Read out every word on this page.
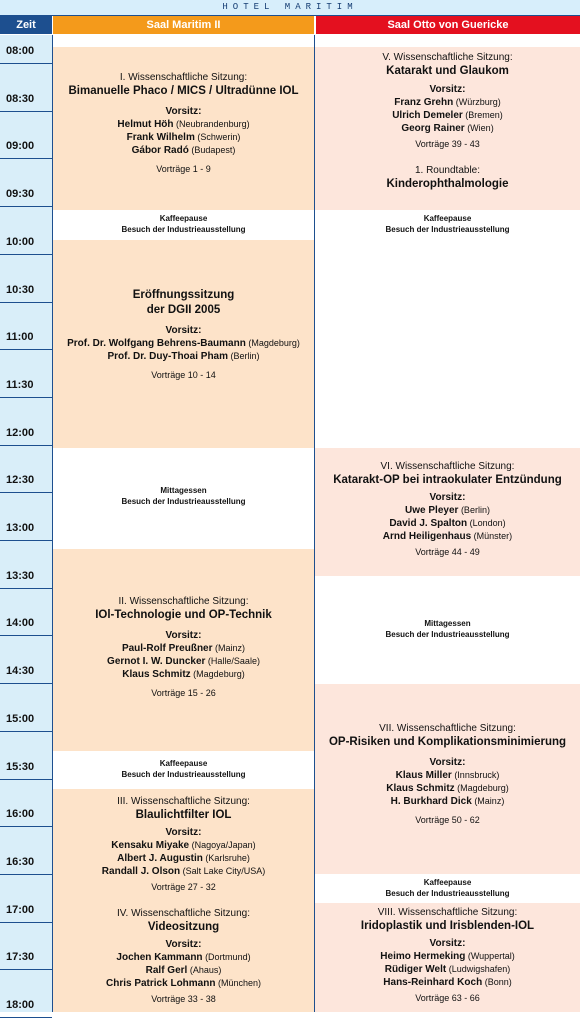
HOTEL MARITIM
Zeit	Saal Maritim II	Saal Otto von Guericke
08:00
08:30
09:00
09:30
10:00
10:30
11:00
11:30
12:00
12:30
13:00
13:30
14:00
14:30
15:00
15:30
16:00
16:30
17:00
17:30
18:00
I. Wissenschaftliche Sitzung:
Bimanuelle Phaco / MICS / Ultradünne IOL
Vorsitz:
Helmut Höh (Neubrandenburg)
Frank Wilhelm (Schwerin)
Gábor Radó (Budapest)
Vorträge 1 - 9
Kaffeepause
Besuch der Industrieausstellung
Eröffnungssitzung
der DGII 2005
Vorsitz:
Prof. Dr. Wolfgang Behrens-Baumann (Magdeburg)
Prof. Dr. Duy-Thoai Pham (Berlin)
Vorträge 10 - 14
Mittagessen
Besuch der Industrieausstellung
II. Wissenschaftliche Sitzung:
IOl-Technologie und OP-Technik
Vorsitz:
Paul-Rolf Preußner (Mainz)
Gernot I. W. Duncker (Halle/Saale)
Klaus Schmitz (Magdeburg)
Vorträge 15 - 26
Kaffeepause
Besuch der Industrieausstellung
III. Wissenschaftliche Sitzung:
Blaulichtfilter IOL
Vorsitz:
Kensaku Miyake (Nagoya/Japan)
Albert J. Augustin (Karlsruhe)
Randall J. Olson (Salt Lake City/USA)
Vorträge 27 - 32
IV. Wissenschaftliche Sitzung:
Videositzung
Vorsitz:
Jochen Kammann (Dortmund)
Ralf Gerl (Ahaus)
Chris Patrick Lohmann (München)
Vorträge 33 - 38
V. Wissenschaftliche Sitzung:
Katarakt und Glaukom
Vorsitz:
Franz Grehn (Würzburg)
Ulrich Demeler (Bremen)
Georg Rainer (Wien)
Vorträge 39 - 43
1. Roundtable:
Kinderophthalmologie
Kaffeepause
Besuch der Industrieausstellung
VI. Wissenschaftliche Sitzung:
Katarakt-OP bei intraokulater Entzündung
Vorsitz:
Uwe Pleyer (Berlin)
David J. Spalton (London)
Arnd Heiligenhaus (Münster)
Vorträge 44 - 49
Mittagessen
Besuch der Industrieausstellung
VII. Wissenschaftliche Sitzung:
OP-Risiken und Komplikationsminimierung
Vorsitz:
Klaus Miller (Innsbruck)
Klaus Schmitz (Magdeburg)
H. Burkhard Dick (Mainz)
Vorträge 50 - 62
Kaffeepause
Besuch der Industrieausstellung
VIII. Wissenschaftliche Sitzung:
Iridoplastik und Irisblenden-IOL
Vorsitz:
Heimo Hermeking (Wuppertal)
Rüdiger Welt (Ludwigshafen)
Hans-Reinhard Koch (Bonn)
Vorträge 63 - 66
